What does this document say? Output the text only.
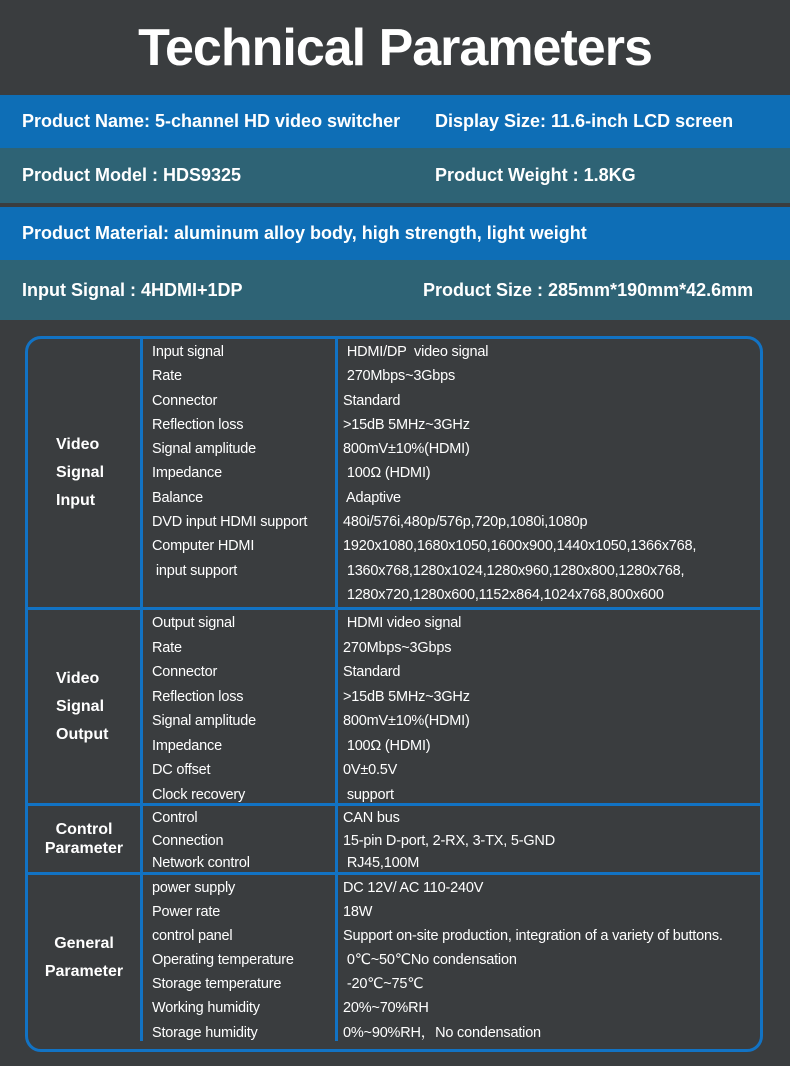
Technical Parameters
Product Name: 5-channel HD video switcher Display Size: 11.6-inch LCD screen
Product Model : HDS9325	Product Weight : 1.8KG
Product Material: aluminum alloy body, high strength, light weight
Input Signal : 4HDMI+1DP	Product Size : 285mm*190mm*42.6mm
Video
Signal
Input
Input signal
Rate
Connector
Reflection loss
Signal amplitude
Impedance
Balance
DVD input HDMI support
Computer HDMI
input support
HDMI/DP  video signal
270Mbps~3Gbps
Standard
>15dB 5MHz~3GHz
800mV±10%(HDMI)
100Ω (HDMI)
Adaptive
480i/576i,480p/576p,720p,1080i,1080p
1920x1080,1680x1050,1600x900,1440x1050,1366x768,
1360x768,1280x1024,1280x960,1280x800,1280x768,
1280x720,1280x600,1152x864,1024x768,800x600
Video
Signal
Output
Output signal
Rate
Connector
Reflection loss
Signal amplitude
Impedance
DC offset
Clock recovery
HDMI video signal
270Mbps~3Gbps
Standard
>15dB 5MHz~3GHz
800mV±10%(HDMI)
100Ω (HDMI)
0V±0.5V
support
Control
Parameter
Control
Connection
Network control
CAN bus
15-pin D-port, 2-RX, 3-TX, 5-GND
RJ45,100M
General
Parameter
power supply
Power rate
control panel
Operating temperature
Storage temperature
Working humidity
Storage humidity
DC 12V/ AC 110-240V
18W
Support on-site production, integration of a variety of buttons.
0℃~50℃No condensation
-20℃~75℃
20%~70%RH
0%~90%RH，No condensation
